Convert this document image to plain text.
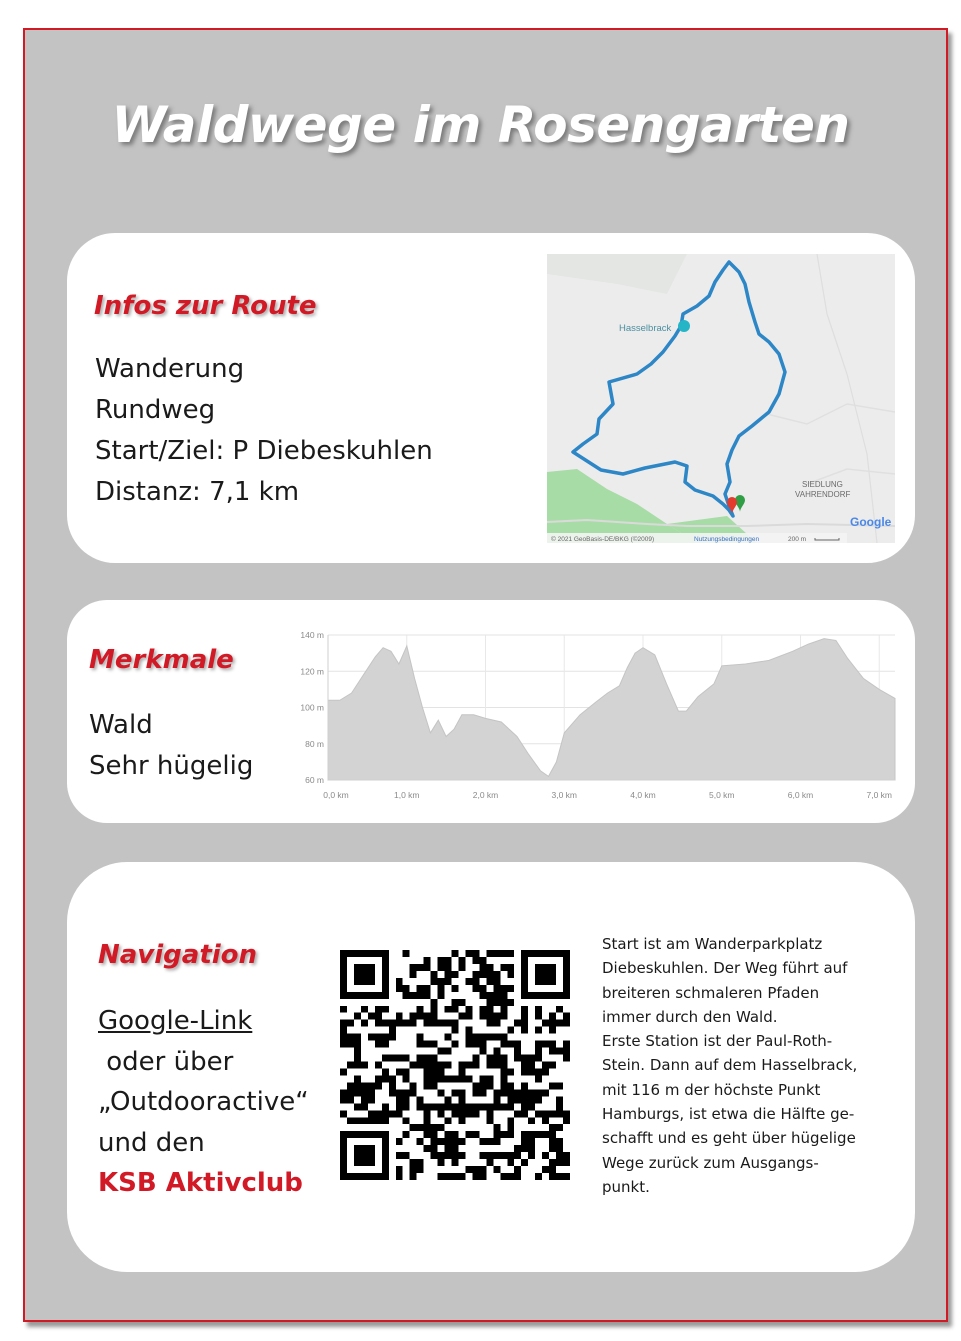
Waldwege im Rosengarten
Infos zur Route
Wanderung
Rundweg
Start/Ziel: P Diebeskuhlen
Distanz: 7,1 km
Hasselbrack
SIEDLUNG
VAHRENDORF
Google
© 2021 GeoBasis-DE/BKG (©2009)	Nutzungsbedingungen	200 m
Merkmale
Wald
Sehr hügelig	60 m
80 m
100 m
120 m
140 m
0,0 km	1,0 km	2,0 km	3,0 km	4,0 km	5,0 km	6,0 km	7,0 km
Navigation
Google-Link
oder über
„Outdooractive“
und den
KSB Aktivclub
Start ist am Wanderparkplatz
Diebeskuhlen. Der Weg führt auf
breiteren schmaleren Pfaden
immer durch den Wald.
Erste Station ist der Paul-Roth-
Stein. Dann auf dem Hasselbrack,
mit 116 m der höchste Punkt
Hamburgs, ist etwa die Hälfte ge-
schafft und es geht über hügelige
Wege zurück zum Ausgangs-
punkt.
